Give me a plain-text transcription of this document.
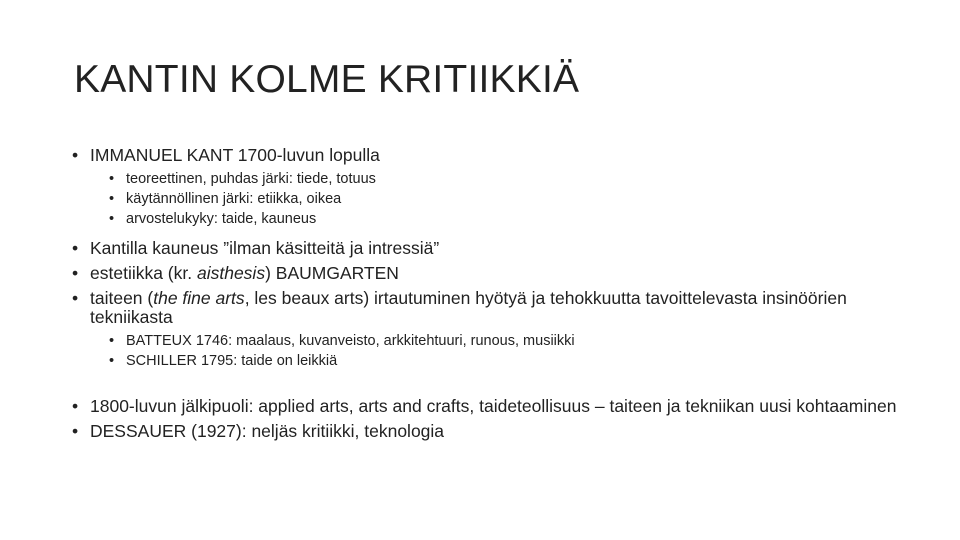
KANTIN KOLME KRITIIKKIÄ

• IMMANUEL KANT 1700-luvun lopulla

• teoreettinen, puhdas järki: tiede, totuus

• käytännöllinen järki: etiikka, oikea

• arvostelukyky: taide, kauneus

• Kantilla kauneus ”ilman käsitteitä ja intressiä”

• estetiikka (kr. aisthesis) BAUMGARTEN

• taiteen (the fine arts, les beaux arts) irtautuminen hyötyä ja tehokkuutta tavoittelevasta insinöörien tekniikasta

• BATTEUX 1746: maalaus, kuvanveisto, arkkitehtuuri, runous, musiikki

• SCHILLER 1795: taide on leikkiä

• 1800-luvun jälkipuoli: applied arts, arts and crafts, taideteollisuus – taiteen ja tekniikan uusi kohtaaminen

• DESSAUER (1927): neljäs kritiikki, teknologia
